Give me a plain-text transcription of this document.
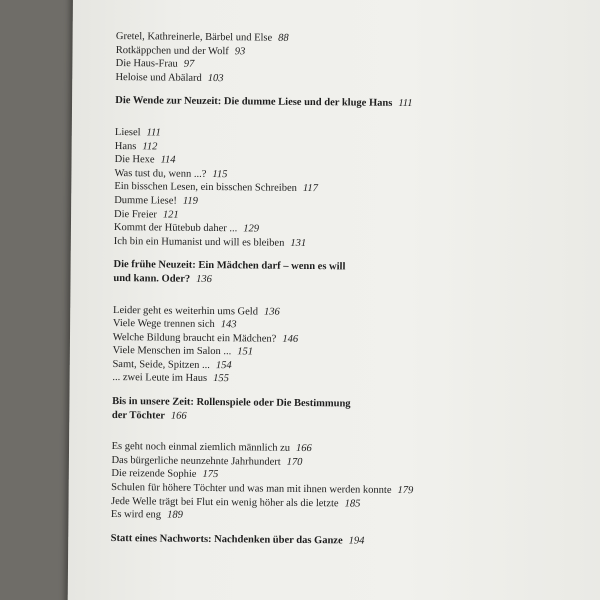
Gretel, Kathreinerle, Bärbel und Else 88
Rotkäppchen und der Wolf 93
Die Haus-Frau 97
Heloise und Abälard 103
Die Wende zur Neuzeit: Die dumme Liese und der kluge Hans 111
Liesel 111
Hans 112
Die Hexe 114
Was tust du, wenn ...? 115
Ein bisschen Lesen, ein bisschen Schreiben 117
Dumme Liese! 119
Die Freier 121
Kommt der Hütebub daher ... 129
Ich bin ein Humanist und will es bleiben 131
Die frühe Neuzeit: Ein Mädchen darf – wenn es will
und kann. Oder? 136
Leider geht es weiterhin ums Geld 136
Viele Wege trennen sich 143
Welche Bildung braucht ein Mädchen? 146
Viele Menschen im Salon ... 151
Samt, Seide, Spitzen ... 154
... zwei Leute im Haus 155
Bis in unsere Zeit: Rollenspiele oder Die Bestimmung
der Töchter 166
Es geht noch einmal ziemlich männlich zu 166
Das bürgerliche neunzehnte Jahrhundert 170
Die reizende Sophie 175
Schulen für höhere Töchter und was man mit ihnen werden konnte 179
Jede Welle trägt bei Flut ein wenig höher als die letzte 185
Es wird eng 189
Statt eines Nachworts: Nachdenken über das Ganze 194
